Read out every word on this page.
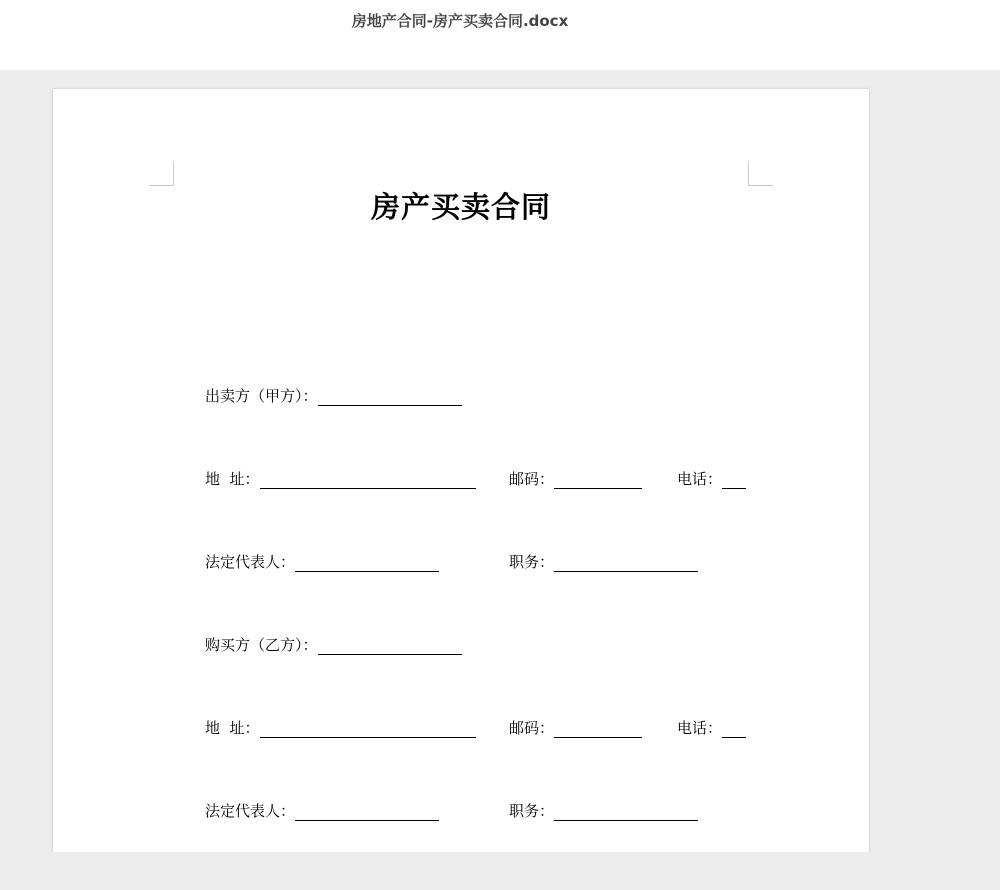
房地产合同-房产买卖合同.docx
房产买卖合同
出卖方（甲方）：
地  址：	邮码：	电话：
法定代表人：	职务：
购买方（乙方）：
地  址：	邮码：	电话：
法定代表人：	职务：
